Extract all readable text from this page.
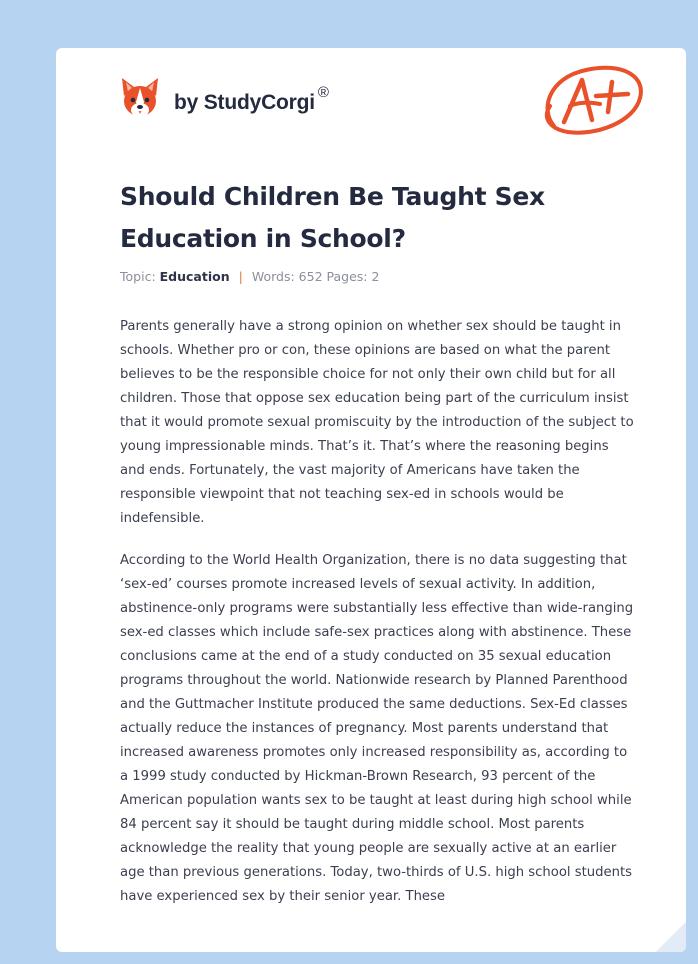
by StudyCorgi ®
Should Children Be Taught Sex Education in School?
Topic: Education | Words: 652 Pages: 2

Parents generally have a strong opinion on whether sex should be taught in schools. Whether pro or con, these opinions are based on what the parent believes to be the responsible choice for not only their own child but for all children. Those that oppose sex education being part of the curriculum insist that it would promote sexual promiscuity by the introduction of the subject to young impressionable minds. That’s it. That’s where the reasoning begins and ends. Fortunately, the vast majority of Americans have taken the responsible viewpoint that not teaching sex-ed in schools would be indefensible.

According to the World Health Organization, there is no data suggesting that ‘sex-ed’ courses promote increased levels of sexual activity. In addition, abstinence-only programs were substantially less effective than wide-ranging sex-ed classes which include safe-sex practices along with abstinence. These conclusions came at the end of a study conducted on 35 sexual education programs throughout the world. Nationwide research by Planned Parenthood and the Guttmacher Institute produced the same deductions. Sex-Ed classes actually reduce the instances of pregnancy. Most parents understand that increased awareness promotes only increased responsibility as, according to a 1999 study conducted by Hickman-Brown Research, 93 percent of the American population wants sex to be taught at least during high school while 84 percent say it should be taught during middle school. Most parents acknowledge the reality that young people are sexually active at an earlier age than previous generations. Today, two-thirds of U.S. high school students have experienced sex by their senior year. These
